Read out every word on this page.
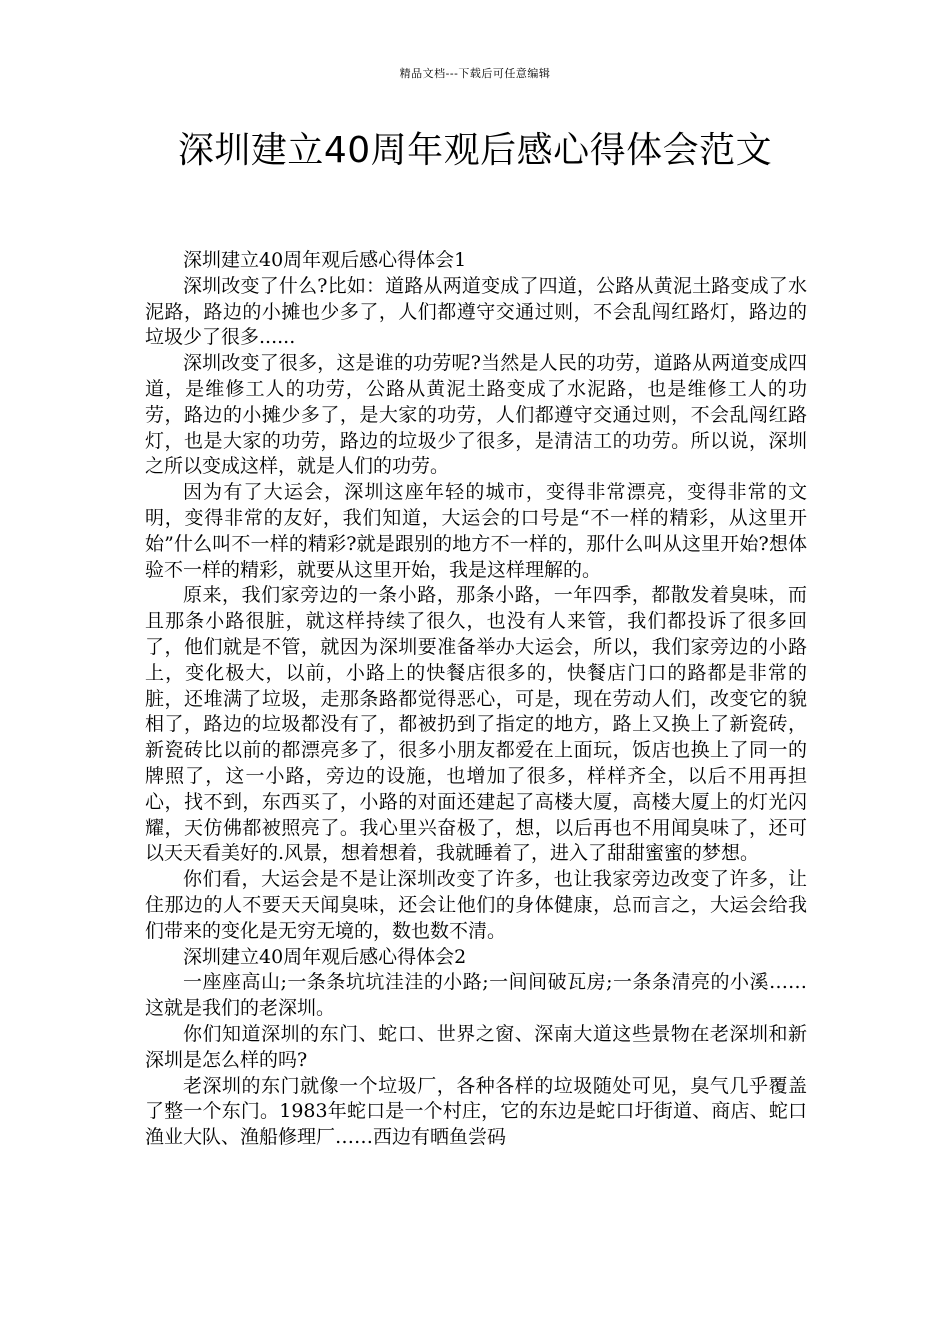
精品文档---下载后可任意编辑
深圳建立40周年观后感心得体会范文

深圳建立40周年观后感心得体会1

深圳改变了什么?比如：道路从两道变成了四道，公路从黄泥土路变成了水泥路，路边的小摊也少多了，人们都遵守交通过则，不会乱闯红路灯，路边的垃圾少了很多......

深圳改变了很多，这是谁的功劳呢?当然是人民的功劳，道路从两道变成四道，是维修工人的功劳，公路从黄泥土路变成了水泥路，也是维修工人的功劳，路边的小摊少多了，是大家的功劳，人们都遵守交通过则，不会乱闯红路灯，也是大家的功劳，路边的垃圾少了很多，是清洁工的功劳。所以说，深圳之所以变成这样，就是人们的功劳。

因为有了大运会，深圳这座年轻的城市，变得非常漂亮，变得非常的文明，变得非常的友好，我们知道，大运会的口号是“不一样的精彩，从这里开始”什么叫不一样的精彩?就是跟别的地方不一样的，那什么叫从这里开始?想体验不一样的精彩，就要从这里开始，我是这样理解的。

原来，我们家旁边的一条小路，那条小路，一年四季，都散发着臭味，而且那条小路很脏，就这样持续了很久，也没有人来管，我们都投诉了很多回了，他们就是不管，就因为深圳要准备举办大运会，所以，我们家旁边的小路上，变化极大，以前，小路上的快餐店很多的，快餐店门口的路都是非常的脏，还堆满了垃圾，走那条路都觉得恶心，可是，现在劳动人们，改变它的貌相了，路边的垃圾都没有了，都被扔到了指定的地方，路上又换上了新瓷砖，新瓷砖比以前的都漂亮多了，很多小朋友都爱在上面玩，饭店也换上了同一的牌照了，这一小路，旁边的设施，也增加了很多，样样齐全，以后不用再担心，找不到，东西买了，小路的对面还建起了高楼大厦，高楼大厦上的灯光闪耀，天仿佛都被照亮了。我心里兴奋极了，想，以后再也不用闻臭味了，还可以天天看美好的.风景，想着想着，我就睡着了，进入了甜甜蜜蜜的梦想。

你们看，大运会是不是让深圳改变了许多，也让我家旁边改变了许多，让住那边的人不要天天闻臭味，还会让他们的身体健康，总而言之，大运会给我们带来的变化是无穷无境的，数也数不清。

深圳建立40周年观后感心得体会2

一座座高山;一条条坑坑洼洼的小路;一间间破瓦房;一条条清亮的小溪……这就是我们的老深圳。

你们知道深圳的东门、蛇口、世界之窗、深南大道这些景物在老深圳和新深圳是怎么样的吗?

老深圳的东门就像一个垃圾厂，各种各样的垃圾随处可见，臭气几乎覆盖了整一个东门。1983年蛇口是一个村庄，它的东边是蛇口圩街道、商店、蛇口渔业大队、渔船修理厂……西边有晒鱼尝码
